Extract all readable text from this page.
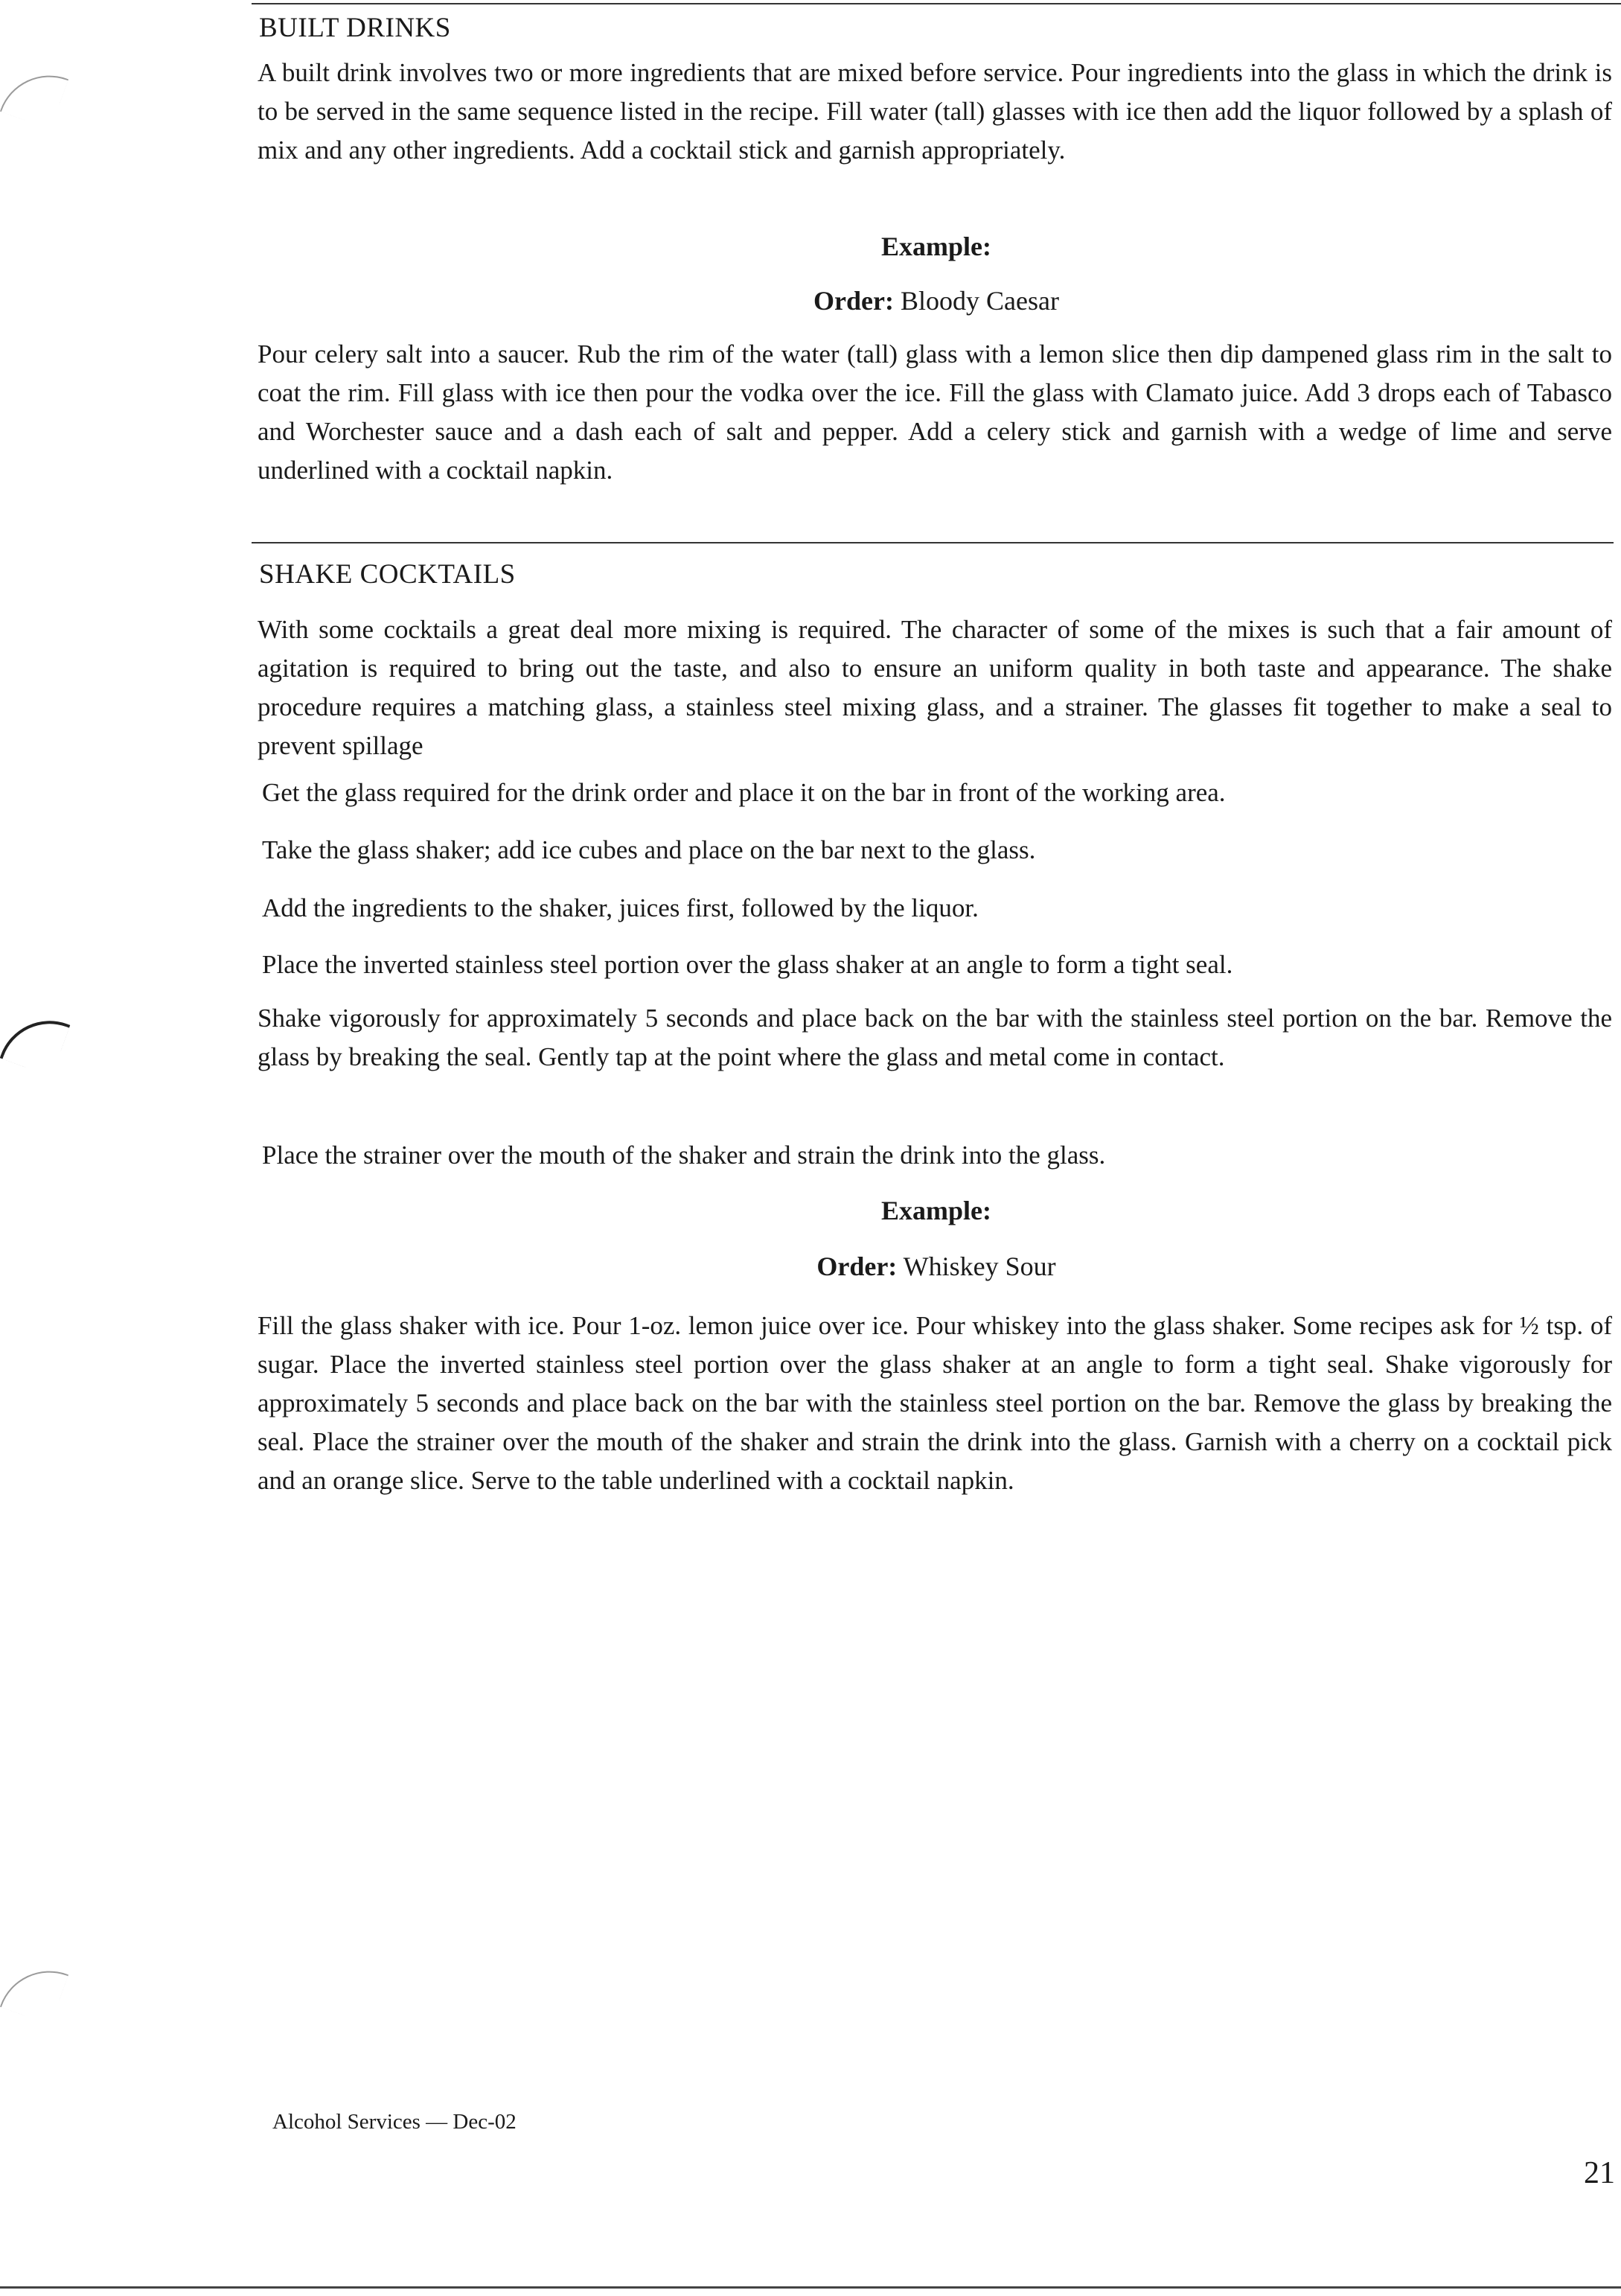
BUILT DRINKS

A built drink involves two or more ingredients that are mixed before service. Pour ingredients into the glass in which the drink is to be served in the same sequence listed in the recipe. Fill water (tall) glasses with ice then add the liquor followed by a splash of mix and any other ingredients. Add a cocktail stick and garnish appropriately.

Example:

Order: Bloody Caesar

Pour celery salt into a saucer. Rub the rim of the water (tall) glass with a lemon slice then dip dampened glass rim in the salt to coat the rim. Fill glass with ice then pour the vodka over the ice. Fill the glass with Clamato juice. Add 3 drops each of Tabasco and Worchester sauce and a dash each of salt and pepper. Add a celery stick and garnish with a wedge of lime and serve underlined with a cocktail napkin.

SHAKE COCKTAILS

With some cocktails a great deal more mixing is required. The character of some of the mixes is such that a fair amount of agitation is required to bring out the taste, and also to ensure an uniform quality in both taste and appearance. The shake procedure requires a matching glass, a stainless steel mixing glass, and a strainer. The glasses fit together to make a seal to prevent spillage

Get the glass required for the drink order and place it on the bar in front of the working area.

Take the glass shaker; add ice cubes and place on the bar next to the glass.

Add the ingredients to the shaker, juices first, followed by the liquor.

Place the inverted stainless steel portion over the glass shaker at an angle to form a tight seal.

Shake vigorously for approximately 5 seconds and place back on the bar with the stainless steel portion on the bar. Remove the glass by breaking the seal. Gently tap at the point where the glass and metal come in contact.

Place the strainer over the mouth of the shaker and strain the drink into the glass.

Example:

Order: Whiskey Sour

Fill the glass shaker with ice. Pour 1-oz. lemon juice over ice. Pour whiskey into the glass shaker. Some recipes ask for ½ tsp. of sugar. Place the inverted stainless steel portion over the glass shaker at an angle to form a tight seal. Shake vigorously for approximately 5 seconds and place back on the bar with the stainless steel portion on the bar. Remove the glass by breaking the seal. Place the strainer over the mouth of the shaker and strain the drink into the glass. Garnish with a cherry on a cocktail pick and an orange slice. Serve to the table underlined with a cocktail napkin.

Alcohol Services — Dec-02

21
